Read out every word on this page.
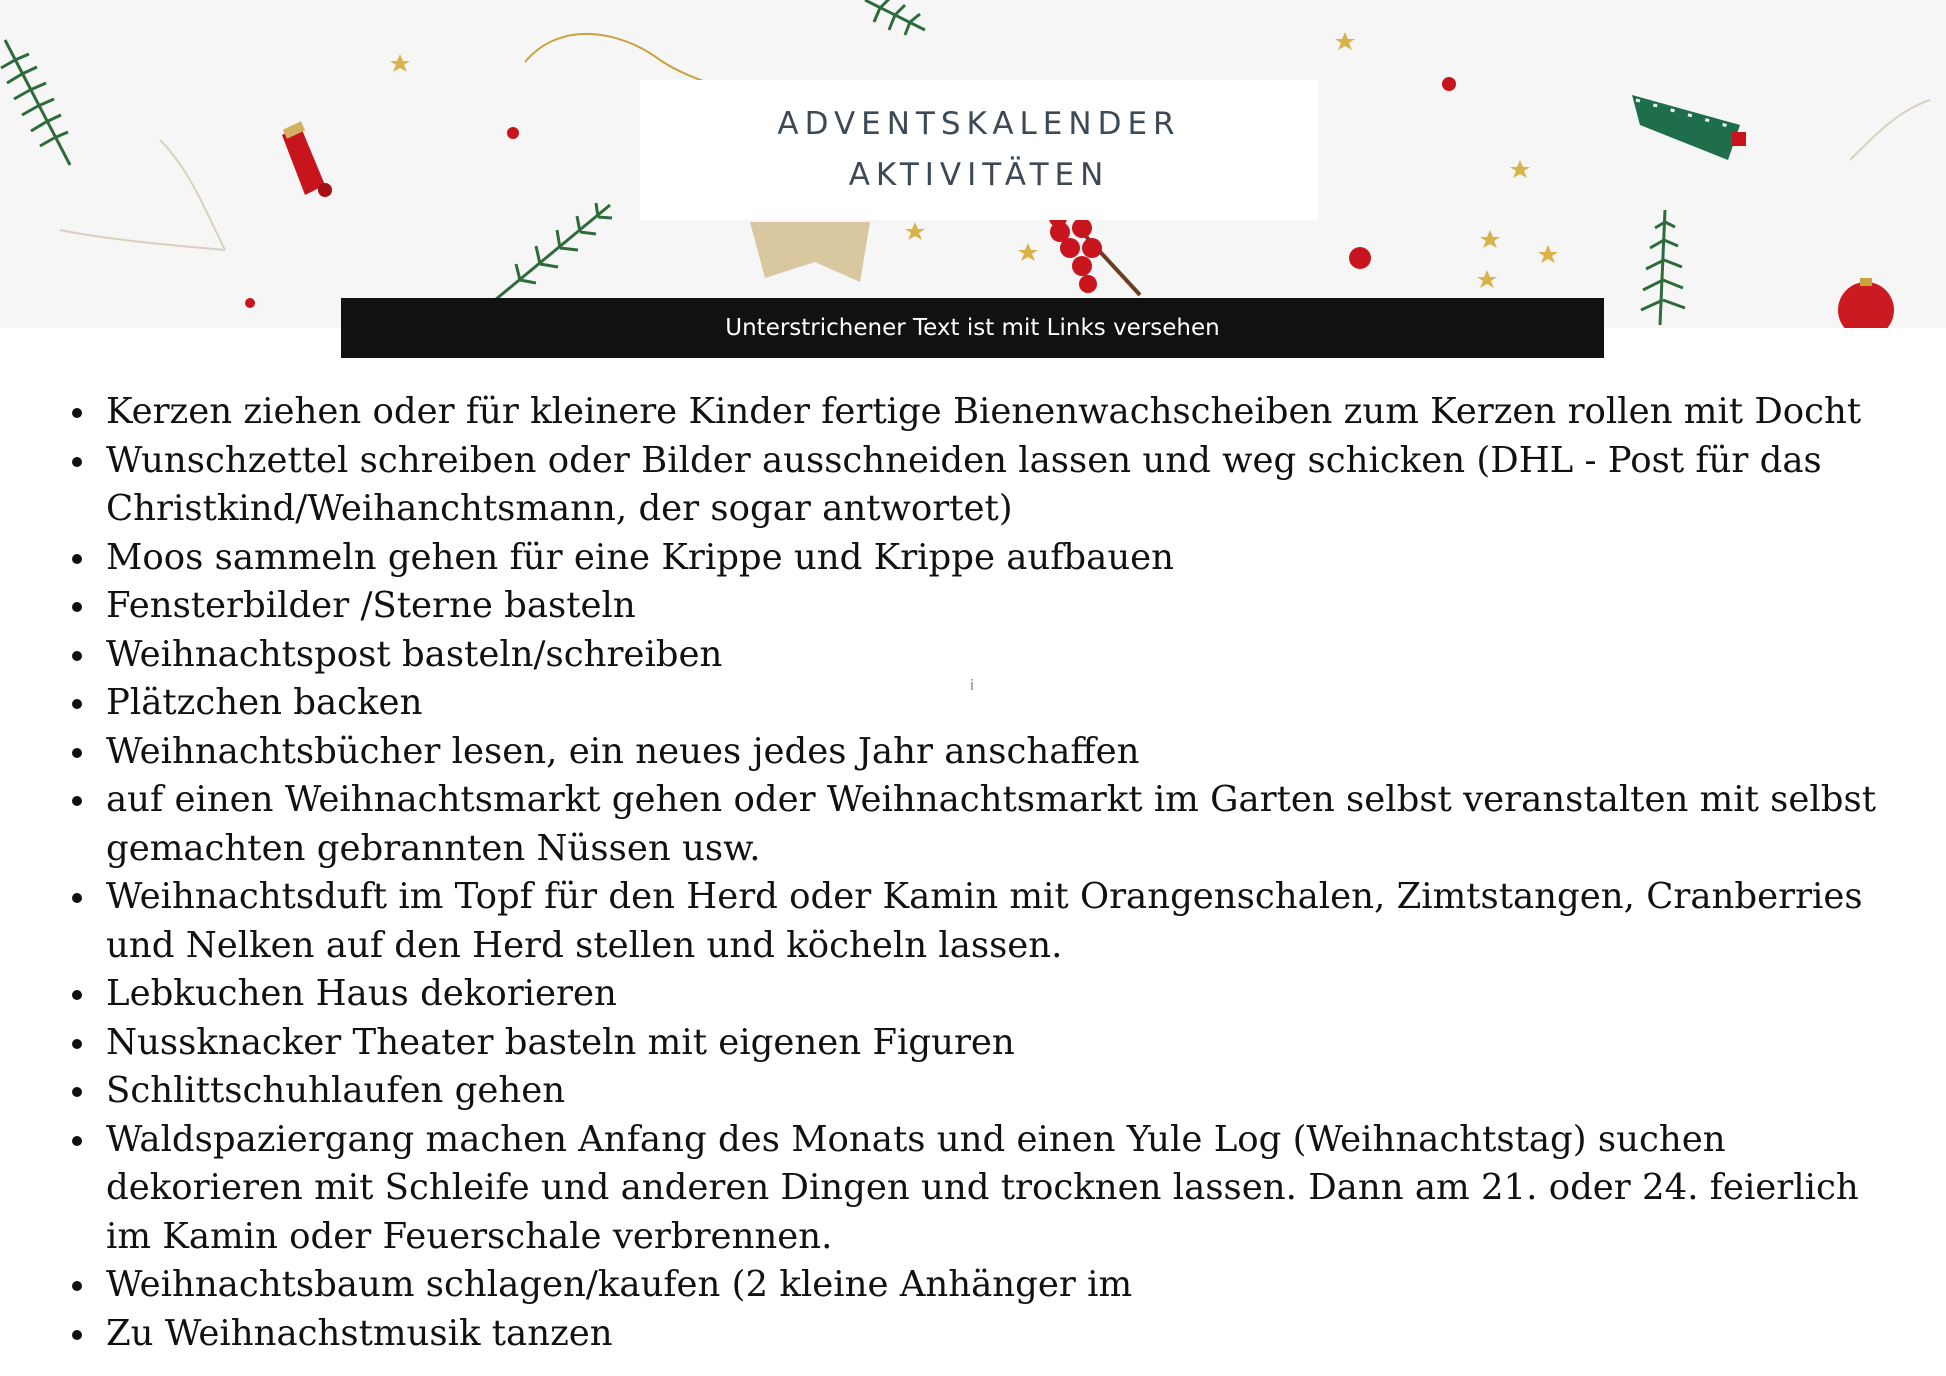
ADVENTSKALENDER
AKTIVITÄTEN
Unterstrichener Text ist mit Links versehen
Kerzen ziehen oder für kleinere Kinder fertige Bienenwachscheiben zum Kerzen rollen mit Docht
Wunschzettel schreiben oder Bilder ausschneiden lassen und weg schicken (DHL - Post für das Christkind/Weihanchtsmann, der sogar antwortet)
Moos sammeln gehen für eine Krippe und Krippe aufbauen
Fensterbilder /Sterne basteln
Weihnachtspost basteln/schreiben
Plätzchen backen
Weihnachtsbücher lesen, ein neues jedes Jahr anschaffen
auf einen Weihnachtsmarkt gehen oder Weihnachtsmarkt im Garten selbst veranstalten mit selbst gemachten gebrannten Nüssen usw.
Weihnachtsduft im Topf für den Herd oder Kamin mit Orangenschalen, Zimtstangen, Cranberries und Nelken auf den Herd stellen und köcheln lassen.
Lebkuchen Haus dekorieren
Nussknacker Theater basteln mit eigenen Figuren
Schlittschuhlaufen gehen
Waldspaziergang machen Anfang des Monats und einen Yule Log (Weihnachtstag) suchen dekorieren mit Schleife und anderen Dingen und trocknen lassen. Dann am 21. oder 24. feierlich im Kamin oder Feuerschale verbrennen.
Weihnachtsbaum schlagen/kaufen (2 kleine Anhänger im
Zu Weihnachstmusik tanzen
i
